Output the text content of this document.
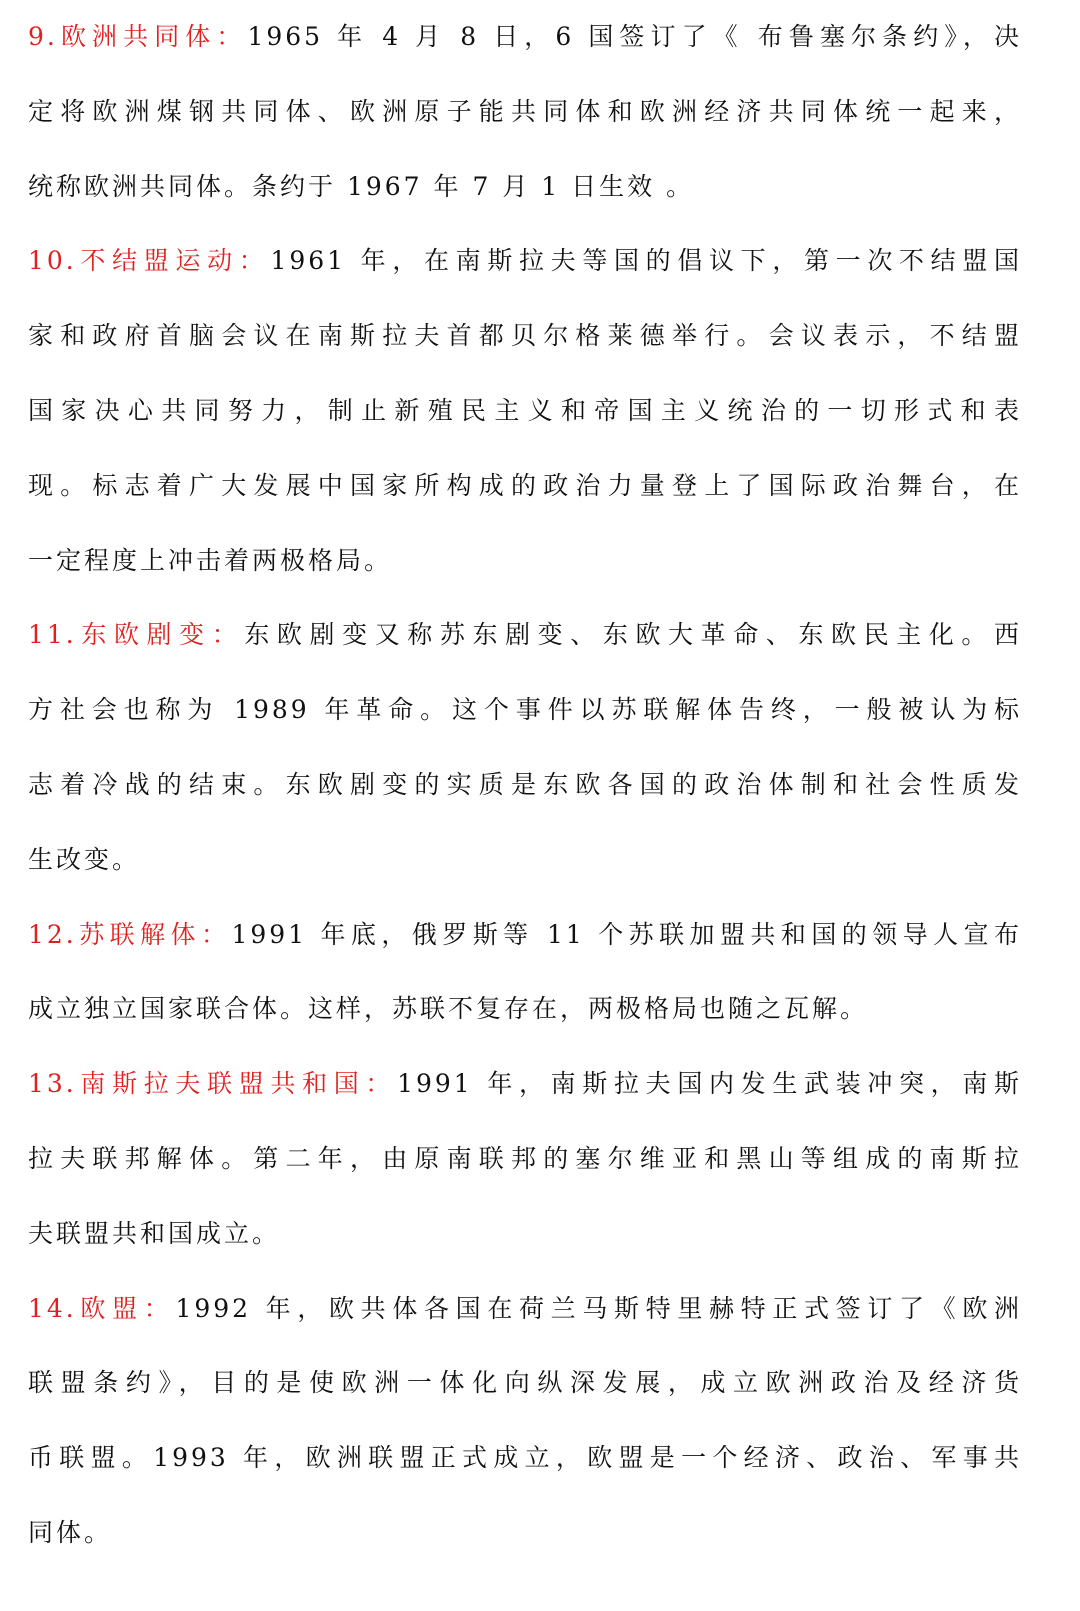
9.欧洲共同体：1965 年 4 月 8 日，6 国签订了《 布鲁塞尔条约》，决
定将欧洲煤钢共同体、欧洲原子能共同体和欧洲经济共同体统一起来，
统称欧洲共同体。条约于 1967 年 7 月 1 日生效 。
10.不结盟运动：1961 年，在南斯拉夫等国的倡议下，第一次不结盟国
家和政府首脑会议在南斯拉夫首都贝尔格莱德举行。会议表示，不结盟
国家决心共同努力，制止新殖民主义和帝国主义统治的一切形式和表
现。标志着广大发展中国家所构成的政治力量登上了国际政治舞台，在
一定程度上冲击着两极格局。
11.东欧剧变：东欧剧变又称苏东剧变、东欧大革命、东欧民主化。西
方社会也称为 1989 年革命。这个事件以苏联解体告终，一般被认为标
志着冷战的结束。东欧剧变的实质是东欧各国的政治体制和社会性质发
生改变。
12.苏联解体：1991 年底，俄罗斯等 11 个苏联加盟共和国的领导人宣布
成立独立国家联合体。这样，苏联不复存在，两极格局也随之瓦解。
13.南斯拉夫联盟共和国：1991 年，南斯拉夫国内发生武装冲突，南斯
拉夫联邦解体。第二年，由原南联邦的塞尔维亚和黑山等组成的南斯拉
夫联盟共和国成立。
14.欧盟：1992 年，欧共体各国在荷兰马斯特里赫特正式签订了《欧洲
联盟条约》，目的是使欧洲一体化向纵深发展，成立欧洲政治及经济货
币联盟。1993 年，欧洲联盟正式成立，欧盟是一个经济、政治、军事共
同体。
